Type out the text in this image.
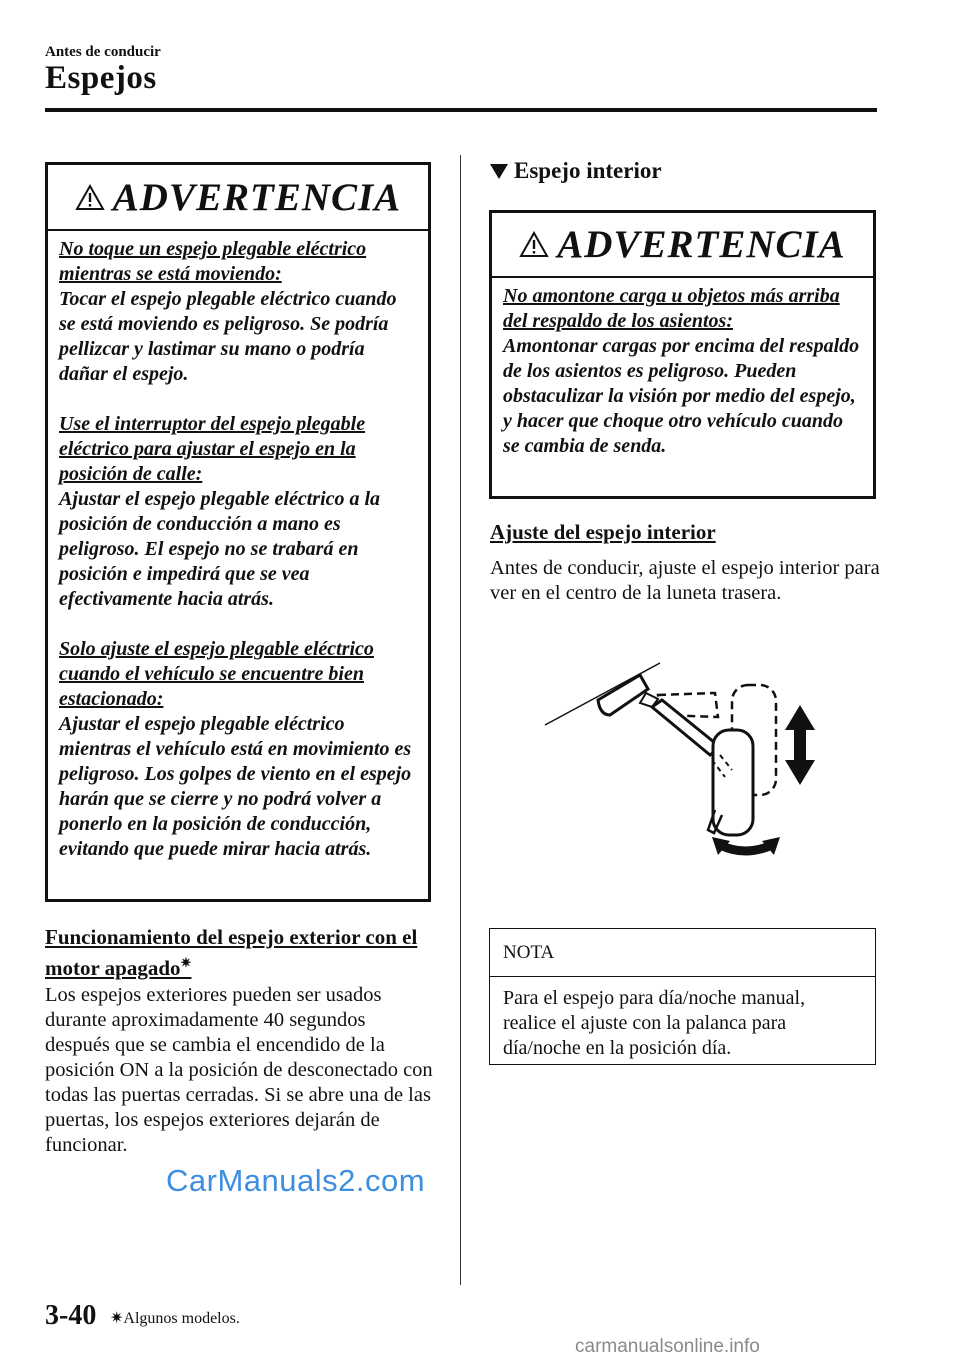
Antes de conducir
Espejos
ADVERTENCIA

No toque un espejo plegable eléctrico mientras se está moviendo:

Tocar el espejo plegable eléctrico cuando se está moviendo es peligroso. Se podría pellizcar y lastimar su mano o podría dañar el espejo.

Use el interruptor del espejo plegable eléctrico para ajustar el espejo en la posición de calle:

Ajustar el espejo plegable eléctrico a la posición de conducción a mano es peligroso. El espejo no se trabará en posición e impedirá que se vea efectivamente hacia atrás.

Solo ajuste el espejo plegable eléctrico cuando el vehículo se encuentre bien estacionado:

Ajustar el espejo plegable eléctrico mientras el vehículo está en movimiento es peligroso. Los golpes de viento en el espejo harán que se cierre y no podrá volver a ponerlo en la posición de conducción, evitando que puede mirar hacia atrás.

Funcionamiento del espejo exterior con el motor apagado✷
Los espejos exteriores pueden ser usados durante aproximadamente 40 segundos después que se cambia el encendido de la posición ON a la posición de desconectado con todas las puertas cerradas. Si se abre una de las puertas, los espejos exteriores dejarán de funcionar.
Espejo interior
ADVERTENCIA

No amontone carga u objetos más arriba del respaldo de los asientos:

Amontonar cargas por encima del respaldo de los asientos es peligroso. Pueden obstaculizar la visión por medio del espejo, y hacer que choque otro vehículo cuando se cambia de senda.

Ajuste del espejo interior
Antes de conducir, ajuste el espejo interior para ver en el centro de la luneta trasera.
NOTA
Para el espejo para día/noche manual, realice el ajuste con la palanca para día/noche en la posición día.
3-40 ✷Algunos modelos.
CarManuals2.com
carmanualsonline.info
